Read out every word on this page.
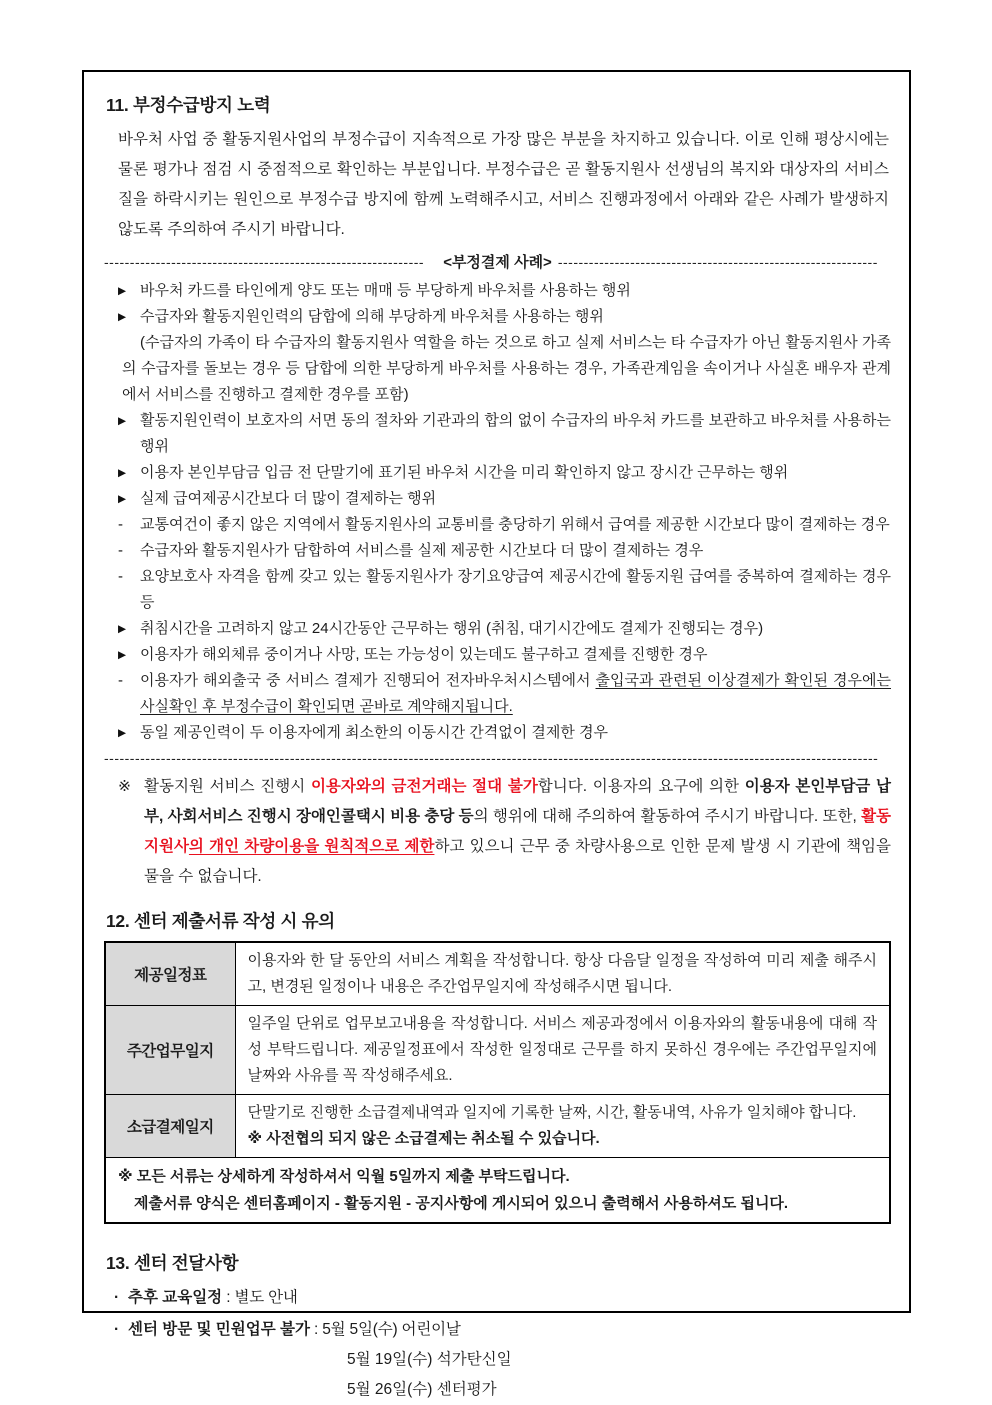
11. 부정수급방지 노력

바우처 사업 중 활동지원사업의 부정수급이 지속적으로 가장 많은 부분을 차지하고 있습니다. 이로 인해 평상시에는 물론 평가나 점검 시 중점적으로 확인하는 부분입니다. 부정수급은 곧 활동지원사 선생님의 복지와 대상자의 서비스 질을 하락시키는 원인으로 부정수급 방지에 함께 노력해주시고, 서비스 진행과정에서 아래와 같은 사례가 발생하지 않도록 주의하여 주시기 바랍니다.

--------------------------------------------------------------	<부정결제 사례> --------------------------------------------------------------
▶ 바우처 카드를 타인에게 양도 또는 매매 등 부당하게 바우처를 사용하는 행위
▶ 수급자와 활동지원인력의 담합에 의해 부당하게 바우처를 사용하는 행위
(수급자의 가족이 타 수급자의 활동지원사 역할을 하는 것으로 하고 실제 서비스는 타 수급자가 아닌 활동지원사 가족의 수급자를 돌보는 경우 등 담합에 의한 부당하게 바우처를 사용하는 경우, 가족관계임을 속이거나 사실혼 배우자 관계에서 서비스를 진행하고 결제한 경우를 포함)
▶ 활동지원인력이 보호자의 서면 동의 절차와 기관과의 합의 없이 수급자의 바우처 카드를 보관하고 바우처를 사용하는 행위
▶ 이용자 본인부담금 입금 전 단말기에 표기된 바우처 시간을 미리 확인하지 않고 장시간 근무하는 행위
▶ 실제 급여제공시간보다 더 많이 결제하는 행위
- 교통여건이 좋지 않은 지역에서 활동지원사의 교통비를 충당하기 위해서 급여를 제공한 시간보다 많이 결제하는 경우
- 수급자와 활동지원사가 담합하여 서비스를 실제 제공한 시간보다 더 많이 결제하는 경우
- 요양보호사 자격을 함께 갖고 있는 활동지원사가 장기요양급여 제공시간에 활동지원 급여를 중복하여 결제하는 경우 등
▶ 취침시간을 고려하지 않고 24시간동안 근무하는 행위 (취침, 대기시간에도 결제가 진행되는 경우)
▶ 이용자가 해외체류 중이거나 사망, 또는 가능성이 있는데도 불구하고 결제를 진행한 경우
- 이용자가 해외출국 중 서비스 결제가 진행되어 전자바우처시스템에서 출입국과 관련된 이상결제가 확인된 경우에는 사실확인 후 부정수급이 확인되면 곧바로 계약해지됩니다.
▶ 동일 제공인력이 두 이용자에게 최소한의 이동시간 간격없이 결제한 경우
------------------------------------------------------------------------------------------------------------------------------------------------------
※ 활동지원 서비스 진행시 이용자와의 금전거래는 절대 불가합니다. 이용자의 요구에 의한 이용자 본인부담금 납부, 사회서비스 진행시 장애인콜택시 비용 충당 등의 행위에 대해 주의하여 활동하여 주시기 바랍니다. 또한, 활동지원사의 개인 차량이용을 원칙적으로 제한하고 있으니 근무 중 차량사용으로 인한 문제 발생 시 기관에 책임을 물을 수 없습니다.
12. 센터 제출서류 작성 시 유의
제공일정표	이용자와 한 달 동안의 서비스 계획을 작성합니다. 항상 다음달 일정을 작성하여 미리 제출 해주시고, 변경된 일정이나 내용은 주간업무일지에 작성해주시면 됩니다.

주간업무일지	일주일 단위로 업무보고내용을 작성합니다. 서비스 제공과정에서 이용자와의 활동내용에 대해 작성 부탁드립니다. 제공일정표에서 작성한 일정대로 근무를 하지 못하신 경우에는 주간업무일지에 날짜와 사유를 꼭 작성해주세요.

소급결제일지	단말기로 진행한 소급결제내역과 일지에 기록한 날짜, 시간, 활동내역, 사유가 일치해야 합니다.
※ 사전협의 되지 않은 소급결제는 취소될 수 있습니다.

※ 모든 서류는 상세하게 작성하셔서 익월 5일까지 제출 부탁드립니다.
제출서류 양식은 센터홈페이지 - 활동지원 - 공지사항에 게시되어 있으니 출력해서 사용하셔도 됩니다.	
13. 센터 전달사항
· 추후 교육일정 : 별도 안내
· 센터 방문 및 민원업무 불가 : 5월 5일(수) 어린이날
5월 19일(수) 석가탄신일
5월 26일(수) 센터평가
